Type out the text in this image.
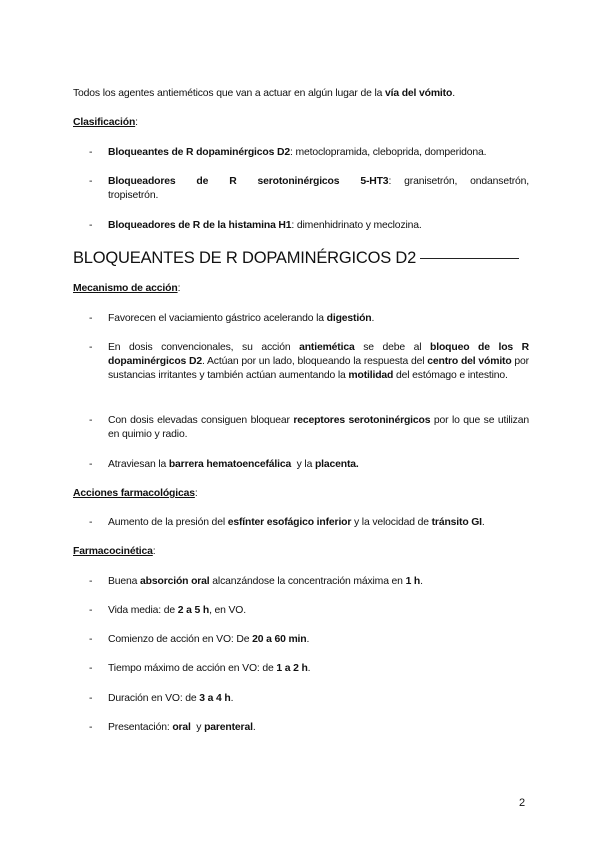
Todos los agentes antieméticos que van a actuar en algún lugar de la vía del vómito.
Clasificación:
-	Bloqueantes de R dopaminérgicos D2: metoclopramida, cleboprida, domperidona.
-	Bloqueadores de R serotoninérgicos 5-HT3: granisetrón, ondansetrón, tropisetrón.
-	Bloqueadores de R de la histamina H1: dimenhidrinato y meclozina.
BLOQUEANTES DE R DOPAMINÉRGICOS D2
Mecanismo de acción:
-	Favorecen el vaciamiento gástrico acelerando la digestión.
-	En dosis convencionales, su acción antiemética se debe al bloqueo de los R dopaminérgicos D2. Actúan por un lado, bloqueando la respuesta del centro del vómito por sustancias irritantes y también actúan aumentando la motilidad del estómago e intestino.
-	Con dosis elevadas consiguen bloquear receptores serotoninérgicos por lo que se utilizan en quimio y radio.
-	Atraviesan la barrera hematoencefálica  y la placenta.
Acciones farmacológicas:
-	Aumento de la presión del esfínter esofágico inferior y la velocidad de tránsito GI.
Farmacocinética:
-	Buena absorción oral alcanzándose la concentración máxima en 1 h.
-	Vida media: de 2 a 5 h, en VO.
-	Comienzo de acción en VO: De 20 a 60 min.
-	Tiempo máximo de acción en VO: de 1 a 2 h.
-	Duración en VO: de 3 a 4 h.
-	Presentación: oral  y parenteral.
2
